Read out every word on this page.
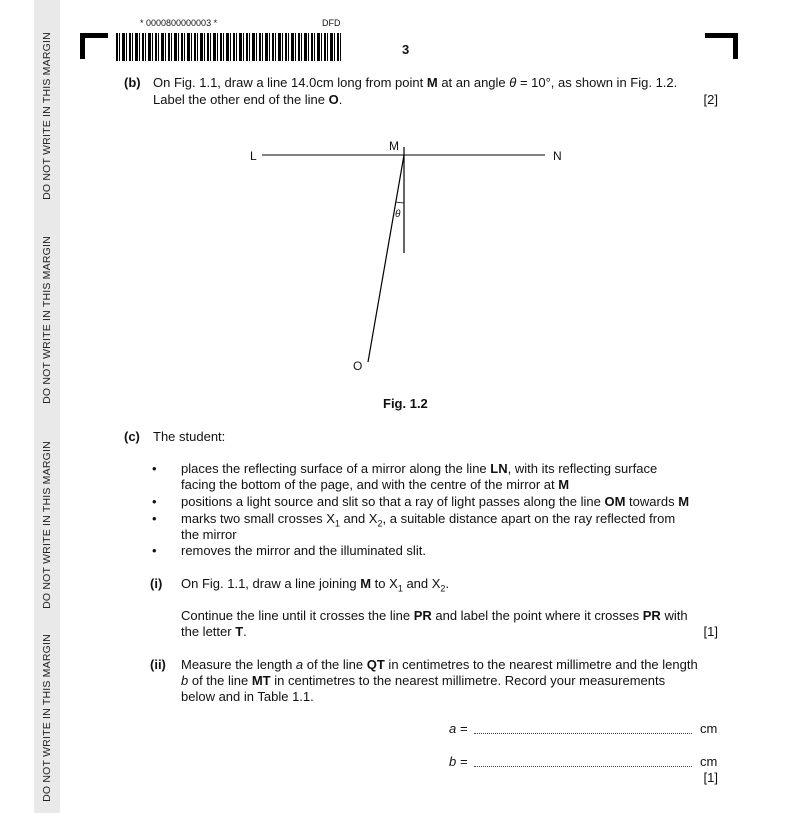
DO NOT WRITE IN THIS MARGIN
DO NOT WRITE IN THIS MARGIN
DO NOT WRITE IN THIS MARGIN
DO NOT WRITE IN THIS MARGIN
* 0000800000003 *	DFD
3
(b) On Fig. 1.1, draw a line 14.0cm long from point M at an angle θ = 10°, as shown in Fig. 1.2.
Label the other end of the line O.	[2]
L	N
M
O
θ
Fig. 1.2
(c) The student:
• places the reflecting surface of a mirror along the line LN, with its reflecting surface
facing the bottom of the page, and with the centre of the mirror at M
• positions a light source and slit so that a ray of light passes along the line OM towards M
• marks two small crosses $X_1$ and $X_2$, a suitable distance apart on the ray reflected from
the mirror
• removes the mirror and the illuminated slit.
(i) On Fig. 1.1, draw a line joining M to $X_1$ and $X_2$.
Continue the line until it crosses the line PR and label the point where it crosses PR with
the letter T.	[1]
(ii) Measure the length a of the line QT in centimetres to the nearest millimetre and the length
b of the line MT in centimetres to the nearest millimetre. Record your measurements
below and in Table 1.1.
a =	cm
b =	cm
[1]
